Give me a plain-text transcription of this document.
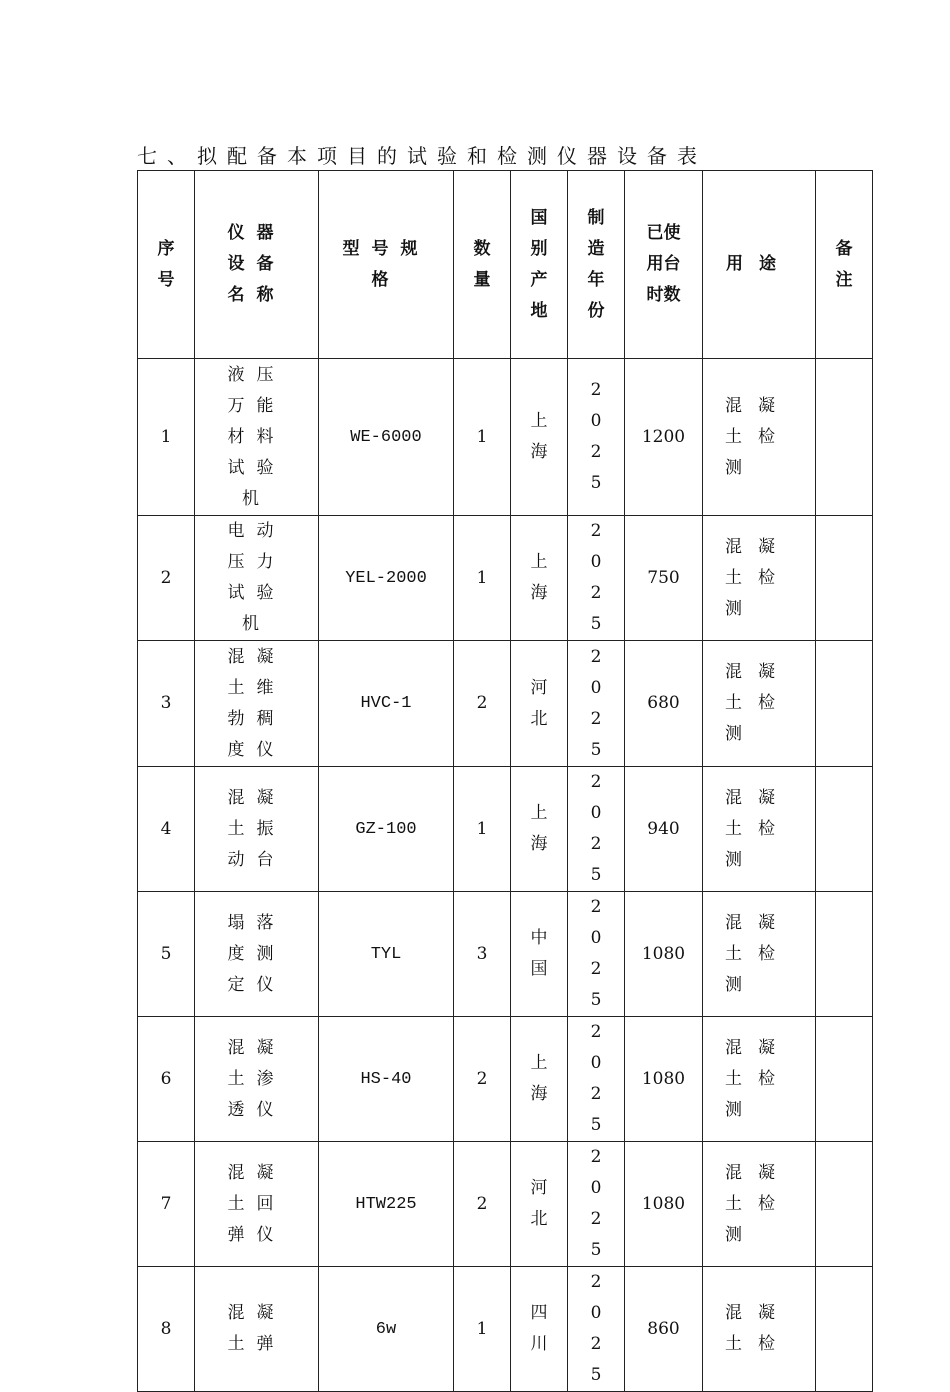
七、拟配备本项目的试验和检测仪器设备表
序号	仪器设备名称	型号规格	数量	国别产地	制造年份	已使用台时数	用途	备注
1	液压万能材料试验机	WE-6000	1	上海	2025	1200	混凝土检测	
2	电动压力试验机	YEL-2000	1	上海	2025	750	混凝土检测	
3	混凝土维勃稠度仪	HVC-1	2	河北	2025	680	混凝土检测	
4	混凝土振动台	GZ-100	1	上海	2025	940	混凝土检测	
5	塌落度测定仪	TYL	3	中国	2025	1080	混凝土检测	
6	混凝土渗透仪	HS-40	2	上海	2025	1080	混凝土检测	
7	混凝土回弹仪	HTW225	2	河北	2025	1080	混凝土检测	
8	混凝土弹	6w	1	四川	2025	860	混凝土检	
